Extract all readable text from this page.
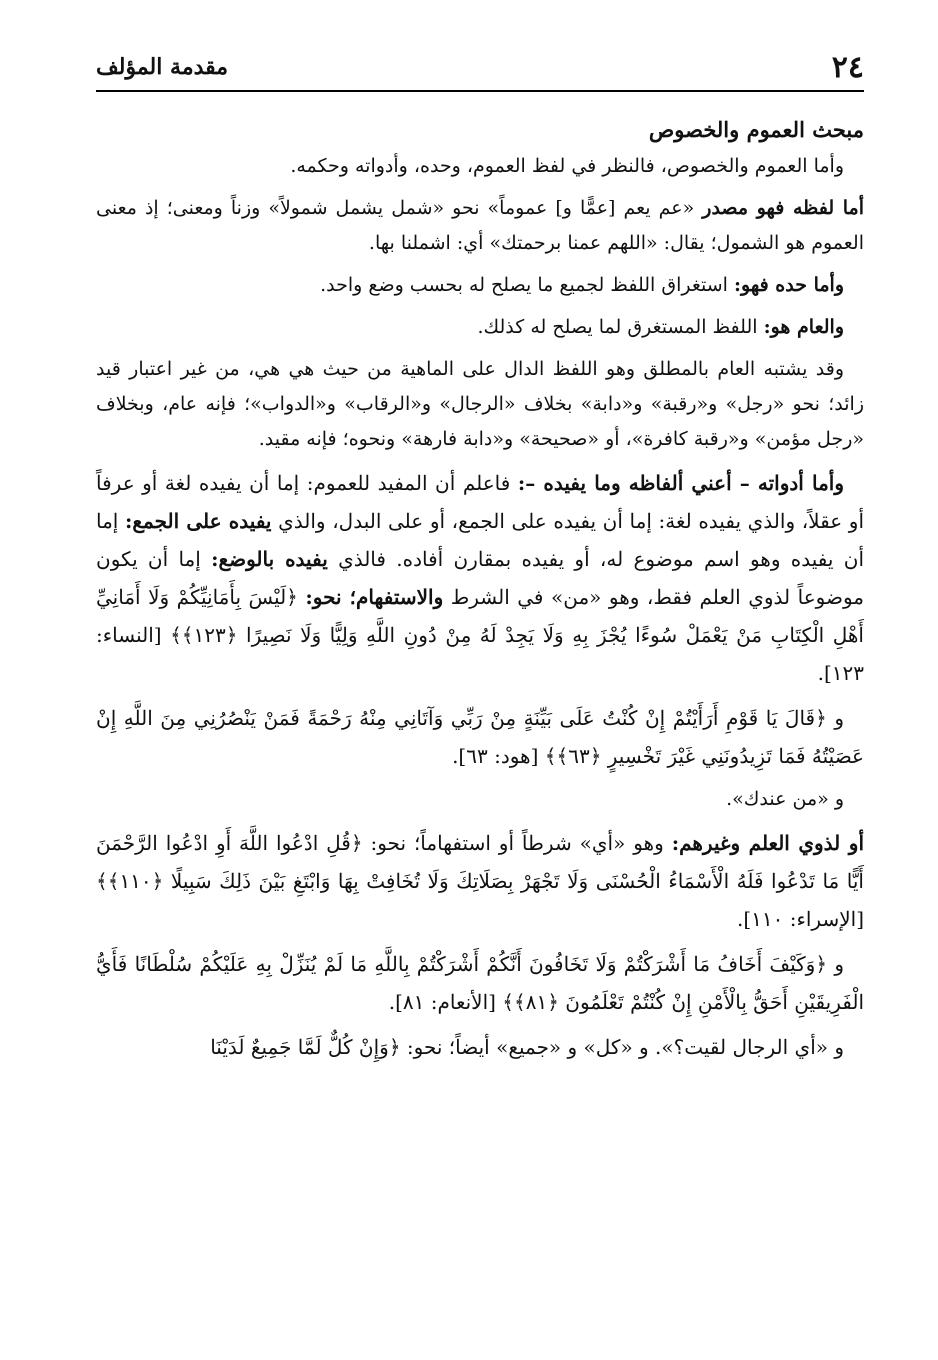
٢٤
مقدمة المؤلف

مبحث العموم والخصوص

وأما العموم والخصوص، فالنظر في لفظ العموم، وحده، وأدواته وحكمه.

أما لفظه فهو مصدر «عم يعم [عمًّا و] عموماً» نحو «شمل يشمل شمولاً» وزناً ومعنى؛ إذ معنى العموم هو الشمول؛ يقال: «اللهم عمنا برحمتك» أي: اشملنا بها.

وأما حده فهو: استغراق اللفظ لجميع ما يصلح له بحسب وضع واحد.

والعام هو: اللفظ المستغرق لما يصلح له كذلك.

وقد يشتبه العام بالمطلق وهو اللفظ الدال على الماهية من حيث هي هي، من غير اعتبار قيد زائد؛ نحو «رجل» و«رقبة» و«دابة» بخلاف «الرجال» و«الرقاب» و«الدواب»؛ فإنه عام، وبخلاف «رجل مؤمن» و«رقبة كافرة»، أو «صحيحة» و«دابة فارهة» ونحوه؛ فإنه مقيد.

وأما أدواته – أعني ألفاظه وما يفيده –: فاعلم أن المفيد للعموم: إما أن يفيده لغة أو عرفاً أو عقلاً، والذي يفيده لغة: إما أن يفيده على الجمع، أو على البدل، والذي يفيده على الجمع: إما أن يفيده وهو اسم موضوع له، أو يفيده بمقارن أفاده. فالذي يفيده بالوضع: إما أن يكون موضوعاً لذوي العلم فقط، وهو «من» في الشرط والاستفهام؛ نحو: ﴿لَيْسَ بِأَمَانِيِّكُمْ وَلَا أَمَانِيِّ أَهْلِ الْكِتَابِ مَنْ يَعْمَلْ سُوءًا يُجْزَ بِهِ وَلَا يَجِدْ لَهُ مِنْ دُونِ اللَّهِ وَلِيًّا وَلَا نَصِيرًا ﴿١٢٣﴾﴾ [النساء: ١٢٣].

و ﴿قَالَ يَا قَوْمِ أَرَأَيْتُمْ إِنْ كُنْتُ عَلَى بَيِّنَةٍ مِنْ رَبِّي وَآتَانِي مِنْهُ رَحْمَةً فَمَنْ يَنْصُرُنِي مِنَ اللَّهِ إِنْ عَصَيْتُهُ فَمَا تَزِيدُونَنِي غَيْرَ تَخْسِيرٍ ﴿٦٣﴾﴾ [هود: ٦٣].

و «من عندك».

أو لذوي العلم وغيرهم: وهو «أي» شرطاً أو استفهاماً؛ نحو: ﴿قُلِ ادْعُوا اللَّهَ أَوِ ادْعُوا الرَّحْمَنَ أَيًّا مَا تَدْعُوا فَلَهُ الْأَسْمَاءُ الْحُسْنَى وَلَا تَجْهَرْ بِصَلَاتِكَ وَلَا تُخَافِتْ بِهَا وَابْتَغِ بَيْنَ ذَلِكَ سَبِيلًا ﴿١١٠﴾﴾ [الإسراء: ١١٠].

و ﴿وَكَيْفَ أَخَافُ مَا أَشْرَكْتُمْ وَلَا تَخَافُونَ أَنَّكُمْ أَشْرَكْتُمْ بِاللَّهِ مَا لَمْ يُنَزِّلْ بِهِ عَلَيْكُمْ سُلْطَانًا فَأَيُّ الْفَرِيقَيْنِ أَحَقُّ بِالْأَمْنِ إِنْ كُنْتُمْ تَعْلَمُونَ ﴿٨١﴾﴾ [الأنعام: ٨١].

و «أي الرجال لقيت؟». و «كل» و «جميع» أيضاً؛ نحو: ﴿وَإِنْ كُلٌّ لَمَّا جَمِيعٌ لَدَيْنَا
